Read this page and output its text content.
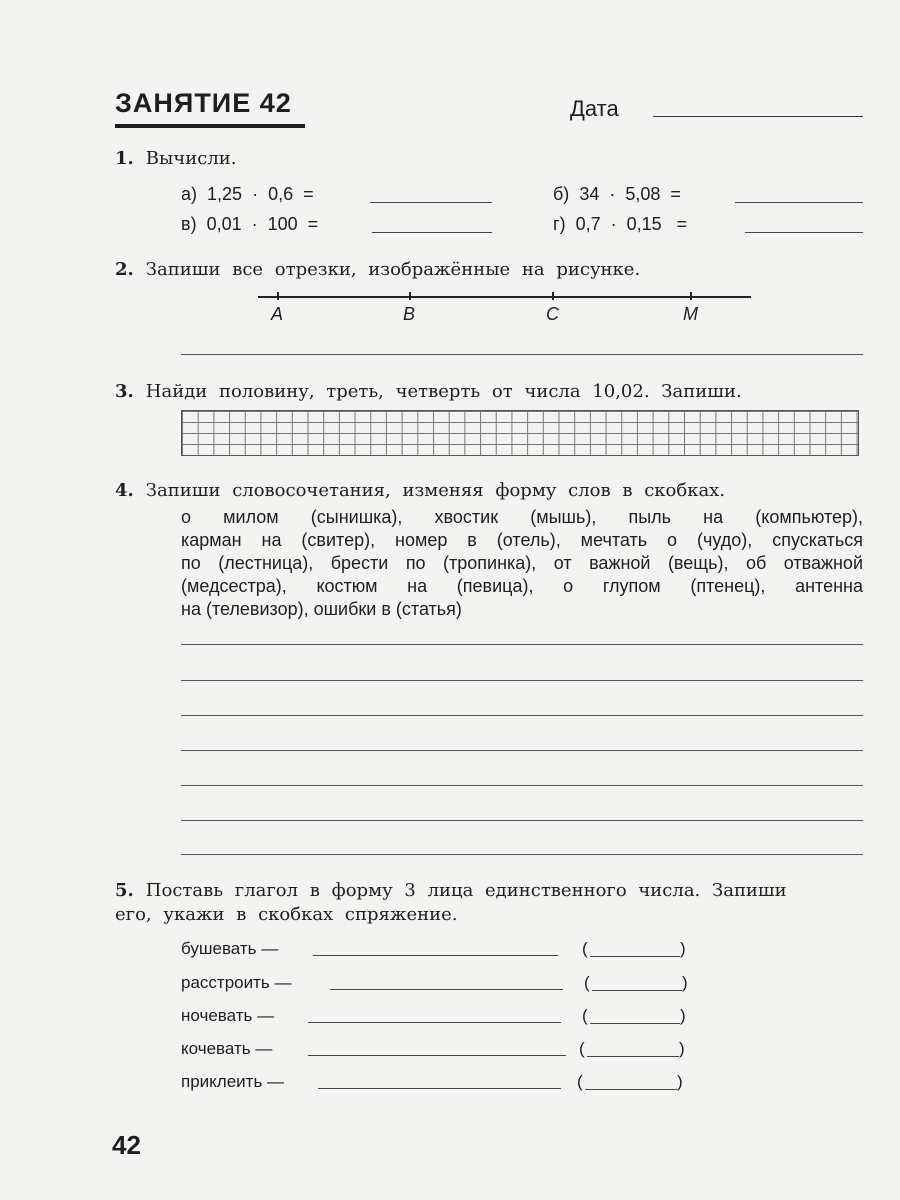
ЗАНЯТИЕ 42	Дата
1. Вычисли.
а) 1,25  ·  0,6  =	б) 34  ·  5,08  =
в) 0,01  ·  100  =	г) 0,7  ·  0,15   =
2. Запиши все отрезки, изображённые на рисунке.
A	B	C	M
3. Найди половину, треть, четверть от числа 10,02. Запиши.
4. Запиши словосочетания, изменяя форму слов в скобках.
о милом (сынишка), хвостик (мышь), пыль на (компьютер),
карман на (свитер), номер в (отель), мечтать о (чудо), спускаться
по (лестница), брести по (тропинка), от важной (вещь), об отважной
(медсестра), костюм на (певица), о глупом (птенец), антенна
на (телевизор), ошибки в (статья)
5. Поставь глагол в форму 3 лица единственного числа. Запиши
его, укажи в скобках спряжение.
бушевать —	(	)
расстроить —	(	)
ночевать —	(	)
кочевать —	(	)
приклеить —	(	)
42
